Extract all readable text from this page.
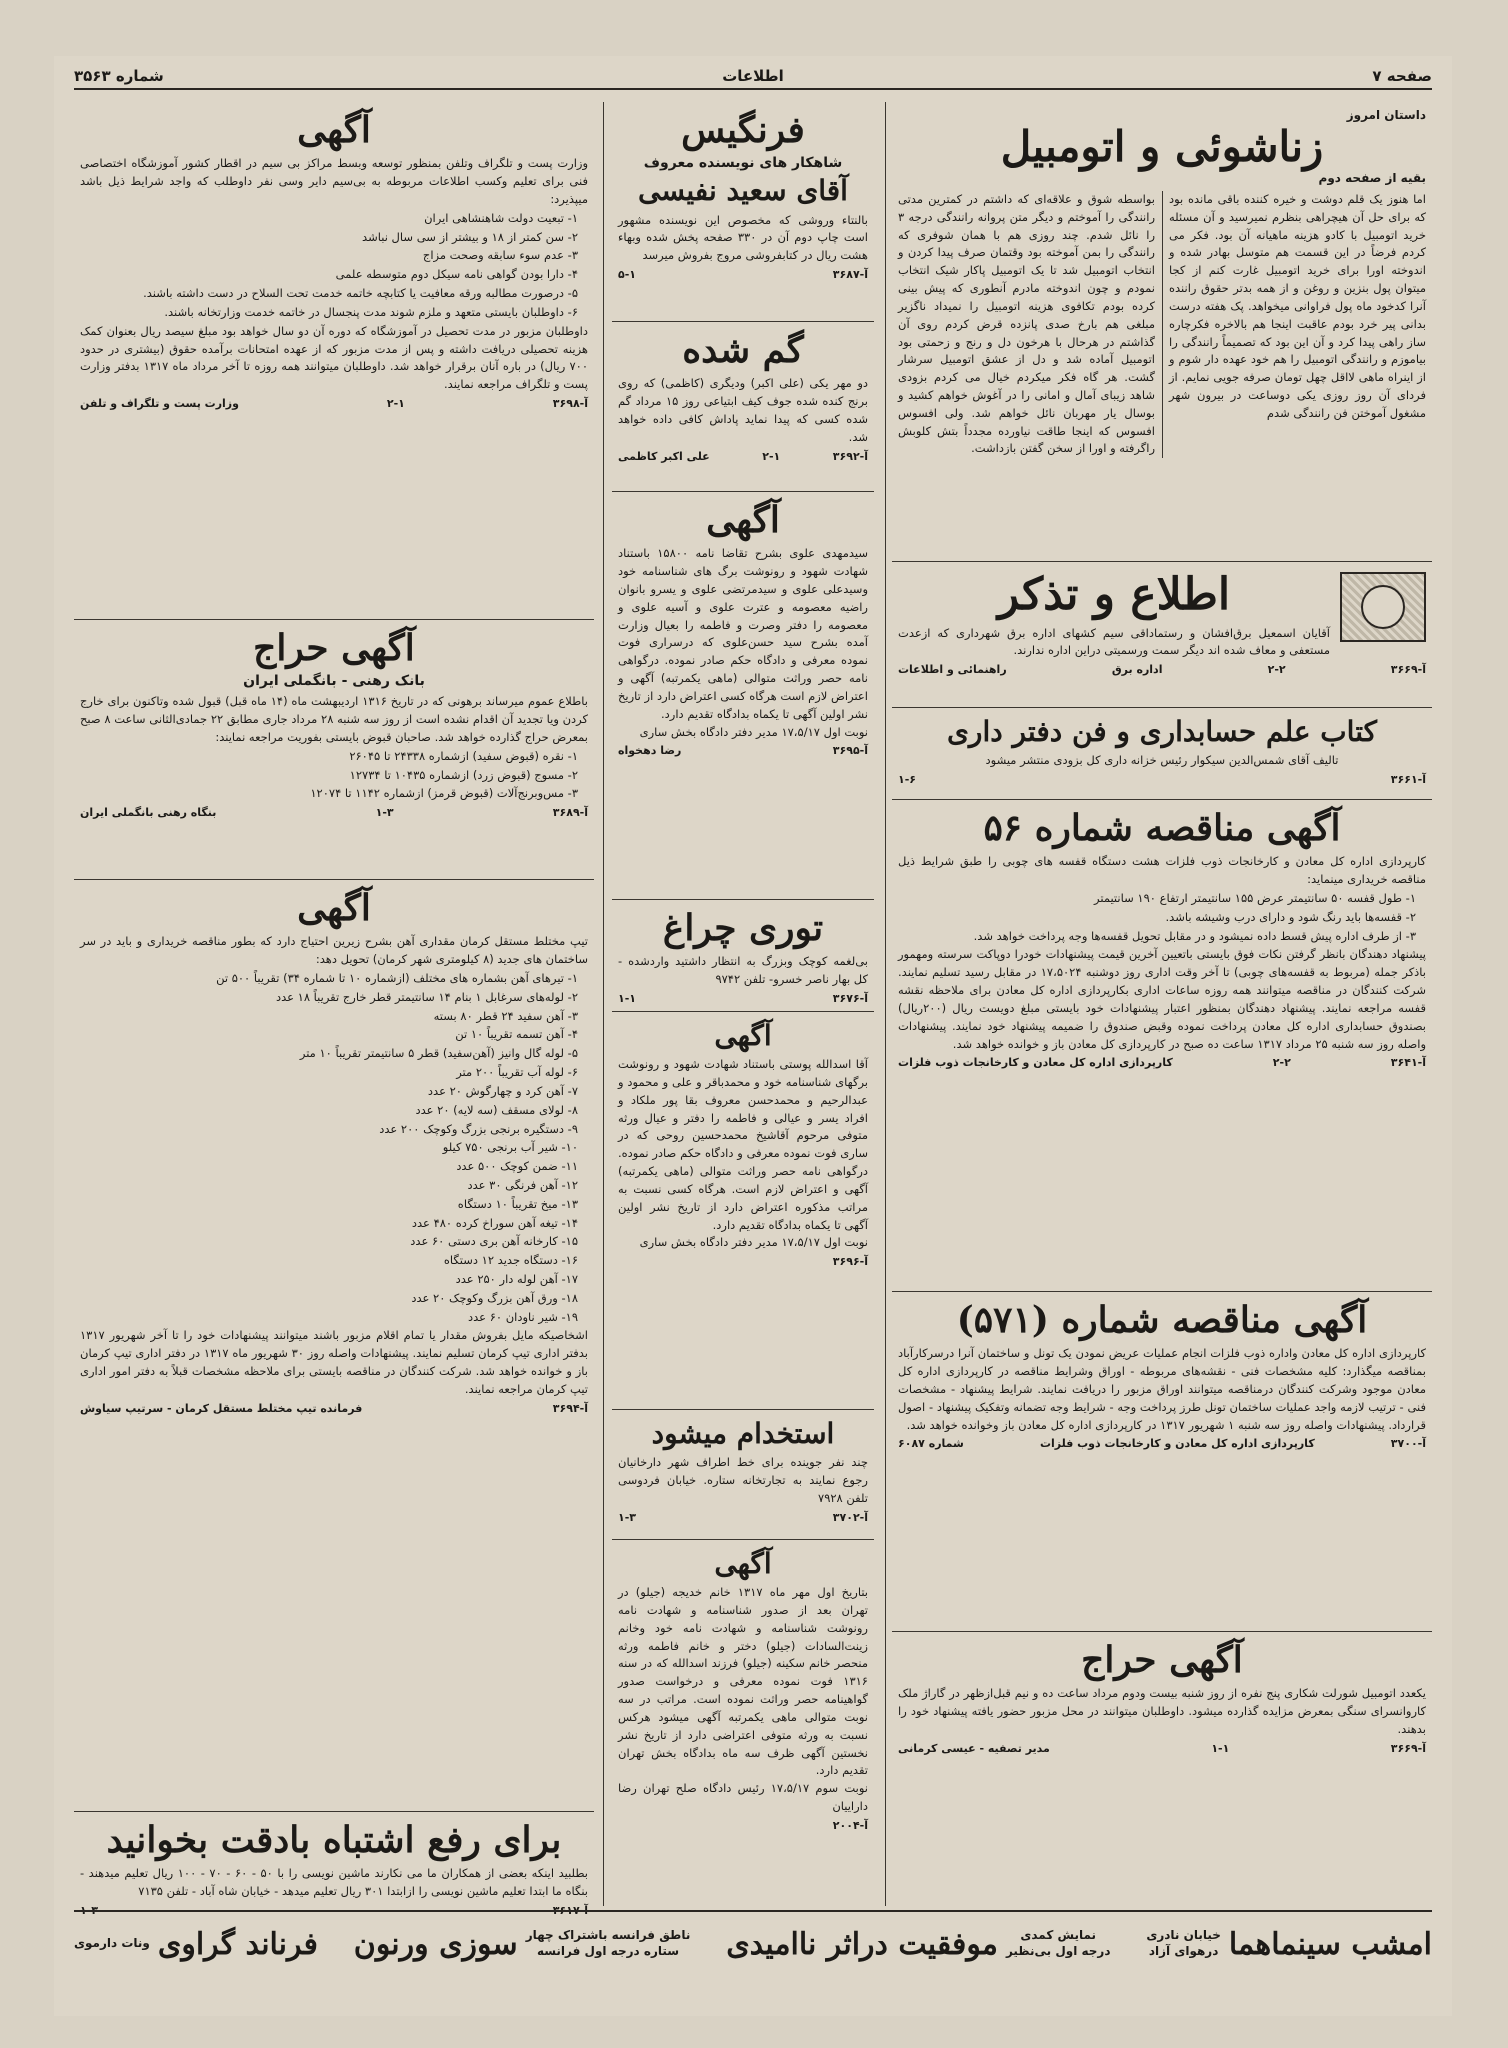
صفحه ۷
اطلاعات
شماره ۳۵۶۳
داستان امروز
زناشوئی و اتومبیل
بقیه از صفحه دوم

اما هنوز یک قلم دوشت و خیره کننده باقی مانده بود که برای حل آن هیچراهی بنظرم نمیرسید و آن مسئله خرید اتومبیل با کادو هزینه ماهیانه آن بود. فکر می کردم فرضاً در این قسمت هم متوسل بهادر شده و اندوخته اورا برای خرید اتومبیل غارت کنم از کجا میتوان پول بنزین و روغن و از همه بدتر حقوق راننده آنرا کدخود ماه پول فراوانی میخواهد. پک هفته درست بدانی پیر خرد بودم عاقبت اینجا هم بالاخره فکرچاره ساز راهی پیدا کرد و آن این بود که تصمیماً رانندگی را بیاموزم و رانندگی اتومبیل را هم خود عهده دار شوم و از اینراه ماهی لااقل چهل تومان صرفه جویی نمایم. از فردای آن روز روزی یکی دوساعت در بیرون شهر مشغول آموختن فن رانندگی شدم

بواسطه شوق و علاقه‌ای که داشتم در کمترین مدتی رانندگی را آموختم و دیگر متن پروانه رانندگی درجه ۳ را نائل شدم. چند روزی هم با همان شوفری که رانندگی را بمن آموخته بود وقتمان صرف پیدا کردن و انتخاب اتومبیل شد تا یک اتومبیل پاکار شیک انتخاب نمودم و چون اندوخته مادرم آنطوری که پیش بینی کرده بودم تکافوی هزینه اتومبیل را نمیداد ناگزیر مبلغی هم بارخ صدی پانزده قرض کردم روی آن گذاشتم در هرحال با هرخون دل و رنج و زحمتی بود اتومبیل آماده شد و دل از عشق اتومبیل سرشار گشت. هر گاه فکر میکردم خیال می کردم بزودی شاهد زیبای آمال و امانی را در آغوش خواهم کشید و بوسال یار مهربان نائل خواهم شد. ولی افسوس افسوس که اینجا طاقت نیاورده مجدداً بتش کلوبش راگرفته و اورا از سخن گفتن بازداشت.

اطلاع و تذکر
آقایان اسمعیل برق‌افشان و رستماداقی سیم کشهای اداره برق شهرداری که ازعدت مستعفی و معاف شده اند دیگر سمت ورسمیتی دراین اداره ندارند.
آ-۳۶۶۹
۲-۲
اداره برق
راهنمائی و اطلاعات
کتاب علم حسابداری و فن دفتر داری
تالیف آقای شمس‌الدین سیکوار رئیس خزانه داری کل بزودی منتشر میشود
آ-۳۶۶۱
۱-۶
آگهی مناقصه شماره ۵۶

کارپردازی اداره کل معادن و کارخانجات ذوب فلزات هشت دستگاه قفسه های چوبی را طبق شرایط ذیل مناقصه خریداری مینماید:

۱- طول قفسه ۵۰ سانتیمتر عرض ۱۵۵ سانتیمتر ارتفاع ۱۹۰ سانتیمتر

۲- قفسه‌ها باید رنگ شود و دارای درب وشیشه باشد.

۳- از طرف اداره پیش قسط داده نمیشود و در مقابل تحویل قفسه‌ها وجه پرداخت خواهد شد.

پیشنهاد دهندگان بانظر گرفتن نکات فوق بایستی باتعیین آخرین قیمت پیشنهادات خودرا دوپاکت سرسته ومهمور باذکر جمله (مربوط به قفسه‌های چوبی) تا آخر وقت اداری روز دوشنبه ۱۷،۵۰۲۴ در مقابل رسید تسلیم نمایند. شرکت کنندگان در مناقصه میتوانند همه روزه ساعات اداری بکارپردازی اداره کل معادن برای ملاحظه نقشه قفسه مراجعه نمایند. پیشنهاد دهندگان بمنظور اعتبار پیشنهادات خود بایستی مبلغ دویست ریال (۲۰۰ریال) بصندوق حسابداری اداره کل معادن پرداخت نموده وقبض صندوق را ضمیمه پیشنهاد خود نمایند. پیشنهادات واصله روز سه شنبه ۲۵ مرداد ۱۳۱۷ ساعت ده صبح در کارپردازی کل معادن باز و خوانده خواهد شد.

آ-۳۶۴۱
۲-۲
کارپردازی اداره کل معادن و کارخانجات ذوب فلزات
آگهی مناقصه شماره (۵۷۱)
کارپردازی اداره کل معادن واداره ذوب فلزات انجام عملیات عریض نمودن یک تونل و ساختمان آنرا درسرکارآباد بمناقصه میگذارد: کلیه مشخصات فنی - نقشه‌های مربوطه - اوراق وشرایط مناقصه در کارپردازی اداره کل معادن موجود وشرکت کنندگان درمناقصه میتوانند اوراق مزبور را دریافت نمایند. شرایط پیشنهاد - مشخصات فنی - ترتیب لازمه واجد عملیات ساختمان تونل طرز پرداخت وجه - شرایط وجه تضمانه وتفکیک پیشنهاد - اصول قرارداد. پیشنهادات واصله روز سه شنبه ۱ شهریور ۱۳۱۷ در کارپردازی اداره کل معادن باز وخوانده خواهد شد.
آ-۳۷۰۰
کارپردازی اداره کل معادن و کارخانجات ذوب فلزات
شماره ۶۰۸۷
آگهی حراج
یکعدد اتومبیل شورلت شکاری پنج نفره از روز شنبه بیست ودوم مرداد ساعت ده و نیم قبل‌ازظهر در گاراژ ملک کاروانسرای سنگی بمعرض مزایده گذارده میشود. داوطلبان میتوانند در محل مزبور حضور یافته پیشنهاد خود را بدهند.
آ-۳۶۶۹
۱-۱
مدیر تصفیه - عیسی کرمانی
فرنگیس
شاهکار های نویسنده معروف
آقای سعید نفیسی
بالنتاء وروشی که مخصوص این نویسنده مشهور است چاپ دوم آن در ۳۳۰ صفحه پخش شده وبهاء هشت ریال در کتابفروشی مروج بفروش میرسد
آ-۳۶۸۷
۵-۱
گم شده
دو مهر یکی (علی اکبر) ودیگری (کاظمی) که روی برنج کنده شده جوف کیف ابتیاعی روز ۱۵ مرداد گم شده کسی که پیدا نماید پاداش کافی داده خواهد شد.
آ-۳۶۹۲
۲-۱
علی اکبر کاظمی
آگهی
سیدمهدی علوی بشرح تقاضا نامه ۱۵۸۰۰ باستناد شهادت شهود و رونوشت برگ های شناسنامه خود وسیدعلی علوی و سیدمرتضی علوی و یسرو بانوان راضیه معصومه و عترت علوی و آسیه علوی و معصومه را دفتر وصرت و فاطمه را بعیال وزارت آمده بشرح سید حسن‌علوی که درسراری فوت نموده معرفی و دادگاه حکم صادر نموده. درگواهی نامه حصر وراثت متوالی (ماهی یکمرتبه) آگهی و اعتراض لازم است هرگاه کسی اعتراض دارد از تاریخ نشر اولین آگهی تا یکماه بدادگاه تقدیم دارد.
نوبت اول ۱۷،۵/۱۷ مدیر دفتر دادگاه بخش ساری
آ-۳۶۹۵
رضا دهخواه
توری چراغ
بی‌لغمه کوچک وبزرگ به انتظار داشتید واردشده - کل بهار ناصر خسرو- تلفن ۹۷۴۲
آ-۳۶۷۶
۱-۱
آگهی
آقا اسدالله پوستی باستناد شهادت شهود و رونوشت برگهای شناسنامه خود و محمدباقر و علی و محمود و عبدالرحیم و محمدحسن معروف بقا پور ملکاد و افراد یسر و عیالی و فاطمه را دفتر و عیال ورثه متوفی مرحوم آقاشیخ محمدحسین روحی که در ساری فوت نموده معرفی و دادگاه حکم صادر نموده. درگواهی نامه حصر وراثت متوالی (ماهی یکمرتبه) آگهی و اعتراض لازم است. هرگاه کسی نسبت به مراتب مذکوره اعتراض دارد از تاریخ نشر اولین آگهی تا یکماه بدادگاه تقدیم دارد.
نوبت اول ۱۷،۵/۱۷ مدیر دفتر دادگاه بخش ساری
آ-۳۶۹۶
استخدام میشود
چند نفر جوینده برای خط اطراف شهر دارخانیان رجوع نمایند به تجارتخانه ستاره. خیابان فردوسی تلفن ۷۹۲۸
آ-۳۷۰۲
۱-۳
آگهی
بتاریخ اول مهر ماه ۱۳۱۷ خانم خدیجه (جیلو) در تهران بعد از صدور شناسنامه و شهادت نامه رونوشت شناسنامه و شهادت نامه خود وخانم زینت‌السادات (جیلو) دختر و خانم فاطمه ورثه منحصر خانم سکینه (جیلو) فرزند اسدالله که در سنه ۱۳۱۶ فوت نموده معرفی و درخواست صدور گواهینامه حصر وراثت نموده است. مراتب در سه نوبت متوالی ماهی یکمرتبه آگهی میشود هرکس نسبت به ورثه متوفی اعتراضی دارد از تاریخ نشر نخستین آگهی ظرف سه ماه بدادگاه بخش تهران تقدیم دارد.
نوبت سوم ۱۷،۵/۱۷ رئیس دادگاه صلح تهران رضا داراییان
آ-۲۰۰۴
آگهی

وزارت پست و تلگراف وتلفن بمنظور توسعه وبسط مراکز بی سیم در اقطار کشور آموزشگاه اختصاصی فنی برای تعلیم وکسب اطلاعات مربوطه به بی‌سیم دایر وسی نفر داوطلب که واجد شرایط ذیل باشد میپذیرد:

۱- تبعیت دولت شاهنشاهی ایران

۲- سن کمتر از ۱۸ و بیشتر از سی سال نباشد

۳- عدم سوء سابقه وصحت مزاج

۴- دارا بودن گواهی نامه سیکل دوم متوسطه علمی

۵- درصورت مطالبه ورقه معافیت یا کتابچه خاتمه خدمت تحت السلاح در دست داشته باشند.

۶- داوطلبان بایستی متعهد و ملزم شوند مدت پنجسال در خاتمه خدمت وزارتخانه باشند.

داوطلبان مزبور در مدت تحصیل در آموزشگاه که دوره آن دو سال خواهد بود مبلغ سیصد ریال بعنوان کمک هزینه تحصیلی دریافت داشته و پس از مدت مزبور که از عهده امتحانات برآمده حقوق (بیشتری در حدود ۷۰۰ ریال) در باره آنان برقرار خواهد شد. داوطلبان میتوانند همه روزه تا آخر مرداد ماه ۱۳۱۷ بدفتر وزارت پست و تلگراف مراجعه نمایند.

آ-۳۶۹۸
۲-۱
وزارت پست و تلگراف و تلفن
آگهی حراج
بانک رهنی - بانگملی ایران

باطلاع عموم میرساند برهونی که در تاریخ ۱۳۱۶ اردیبهشت ماه (۱۴ ماه قبل) قبول شده وتاکنون برای خارج کردن ویا تجدید آن اقدام نشده است از روز سه شنبه ۲۸ مرداد جاری مطابق ۲۲ جمادی‌الثانی ساعت ۸ صبح بمعرض حراج گذارده خواهد شد. صاحبان قبوض بایستی بفوریت مراجعه نمایند:

۱- نقره (قبوض سفید) ازشماره ۲۴۳۳۸ تا ۲۶۰۴۵

۲- مسوج (قبوض زرد) ازشماره ۱۰۴۳۵ تا ۱۲۷۳۴

۳- مس‌وبرنج‌آلات (قبوض قرمز) ازشماره ۱۱۴۲ تا ۱۲۰۷۴

آ-۳۶۸۹
۱-۳
بنگاه رهنی بانگملی ایران
آگهی

تیپ مختلط مستقل کرمان مقداری آهن بشرح زیرین احتیاج دارد که بطور مناقصه خریداری و باید در سر ساختمان های جدید (۸ کیلومتری شهر کرمان) تحویل دهد:

۱- تیرهای آهن بشماره های مختلف (ازشماره ۱۰ تا شماره ۳۴) تقریباً ۵۰۰ تن

۲- لوله‌های سرغابل ۱ بنام ۱۴ سانتیمتر قطر خارج تقریباً ۱۸ عدد

۳- آهن سفید ۲۴ قطر ۸۰ بسته

۴- آهن تسمه تقریباً ۱۰ تن

۵- لوله گال وانیز (آهن‌سفید) قطر ۵ سانتیمتر تقریباً ۱۰ متر

۶- لوله آب تقریباً ۲۰۰ متر

۷- آهن کرد و چهارگوش ۲۰ عدد

۸- لولای مسقف (سه لایه) ۲۰ عدد

۹- دستگیره برنجی بزرگ وکوچک ۲۰۰ عدد

۱۰- شیر آب برنجی ۷۵۰ کیلو

۱۱- ضمن کوچک ۵۰۰ عدد

۱۲- آهن فرنگی ۳۰ عدد

۱۳- میخ تقریباً ۱۰ دستگاه

۱۴- تیغه آهن سوراخ کرده ۴۸۰ عدد

۱۵- کارخانه آهن بری دستی ۶۰ عدد

۱۶- دستگاه جدید ۱۲ دستگاه

۱۷- آهن لوله دار ۲۵۰ عدد

۱۸- ورق آهن بزرگ وکوچک ۲۰ عدد

۱۹- شیر ناودان ۶۰ عدد

اشخاصیکه مایل بفروش مقدار یا تمام اقلام مزبور باشند میتوانند پیشنهادات خود را تا آخر شهریور ۱۳۱۷ بدفتر اداری تیپ کرمان تسلیم نمایند. پیشنهادات واصله روز ۳۰ شهریور ماه ۱۳۱۷ در دفتر اداری تیپ کرمان باز و خوانده خواهد شد. شرکت کنندگان در مناقصه بایستی برای ملاحظه مشخصات قبلاً به دفتر امور اداری تیپ کرمان مراجعه نمایند.

آ-۳۶۹۴
فرمانده تیپ مختلط مستقل کرمان - سرتیپ سیاوش
برای رفع اشتباه بادقت بخوانید
بطلبید اینکه بعضی از همکاران ما می نکارند ماشین نویسی را با ۵۰ - ۶۰ - ۷۰ - ۱۰۰ ریال تعلیم میدهند - بنگاه ما ابتدا تعلیم ماشین نویسی را ازابتدا ۳۰۱ ریال تعلیم میدهد - خیابان شاه آباد - تلفن ۷۱۳۵
آ-۳۶۱۷
۱-۳
امشب سینماهما
خیابان نادری
درهوای آزاد
نمایش کمدی
درجه اول بی‌نظیر
موفقیت دراثر ناامیدی
ناطق فرانسه باشتراک چهار
ستاره درجه اول فرانسه
سوزی ورنون
فرناند گراوی
ونات دارموی
